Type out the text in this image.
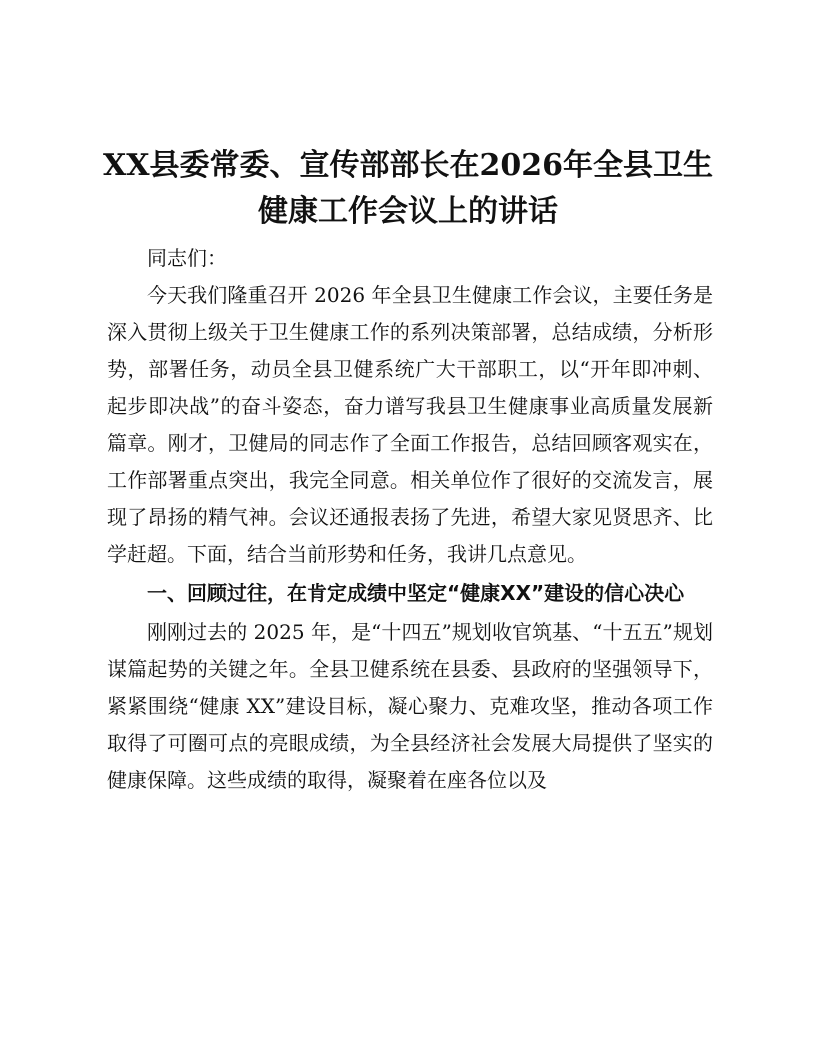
XX县委常委、宣传部部长在2026年全县卫生
健康工作会议上的讲话

同志们：

今天我们隆重召开 2026 年全县卫生健康工作会议，主要任务是深入贯彻上级关于卫生健康工作的系列决策部署，总结成绩，分析形势，部署任务，动员全县卫健系统广大干部职工，以“开年即冲刺、起步即决战”的奋斗姿态，奋力谱写我县卫生健康事业高质量发展新篇章。刚才，卫健局的同志作了全面工作报告，总结回顾客观实在，工作部署重点突出，我完全同意。相关单位作了很好的交流发言，展现了昂扬的精气神。会议还通报表扬了先进，希望大家见贤思齐、比学赶超。下面，结合当前形势和任务，我讲几点意见。

一、回顾过往，在肯定成绩中坚定“健康XX”建设的信心决心

刚刚过去的 2025 年，是“十四五”规划收官筑基、“十五五”规划谋篇起势的关键之年。全县卫健系统在县委、县政府的坚强领导下，紧紧围绕“健康 XX”建设目标，凝心聚力、克难攻坚，推动各项工作取得了可圈可点的亮眼成绩，为全县经济社会发展大局提供了坚实的健康保障。这些成绩的取得，凝聚着在座各位以及
